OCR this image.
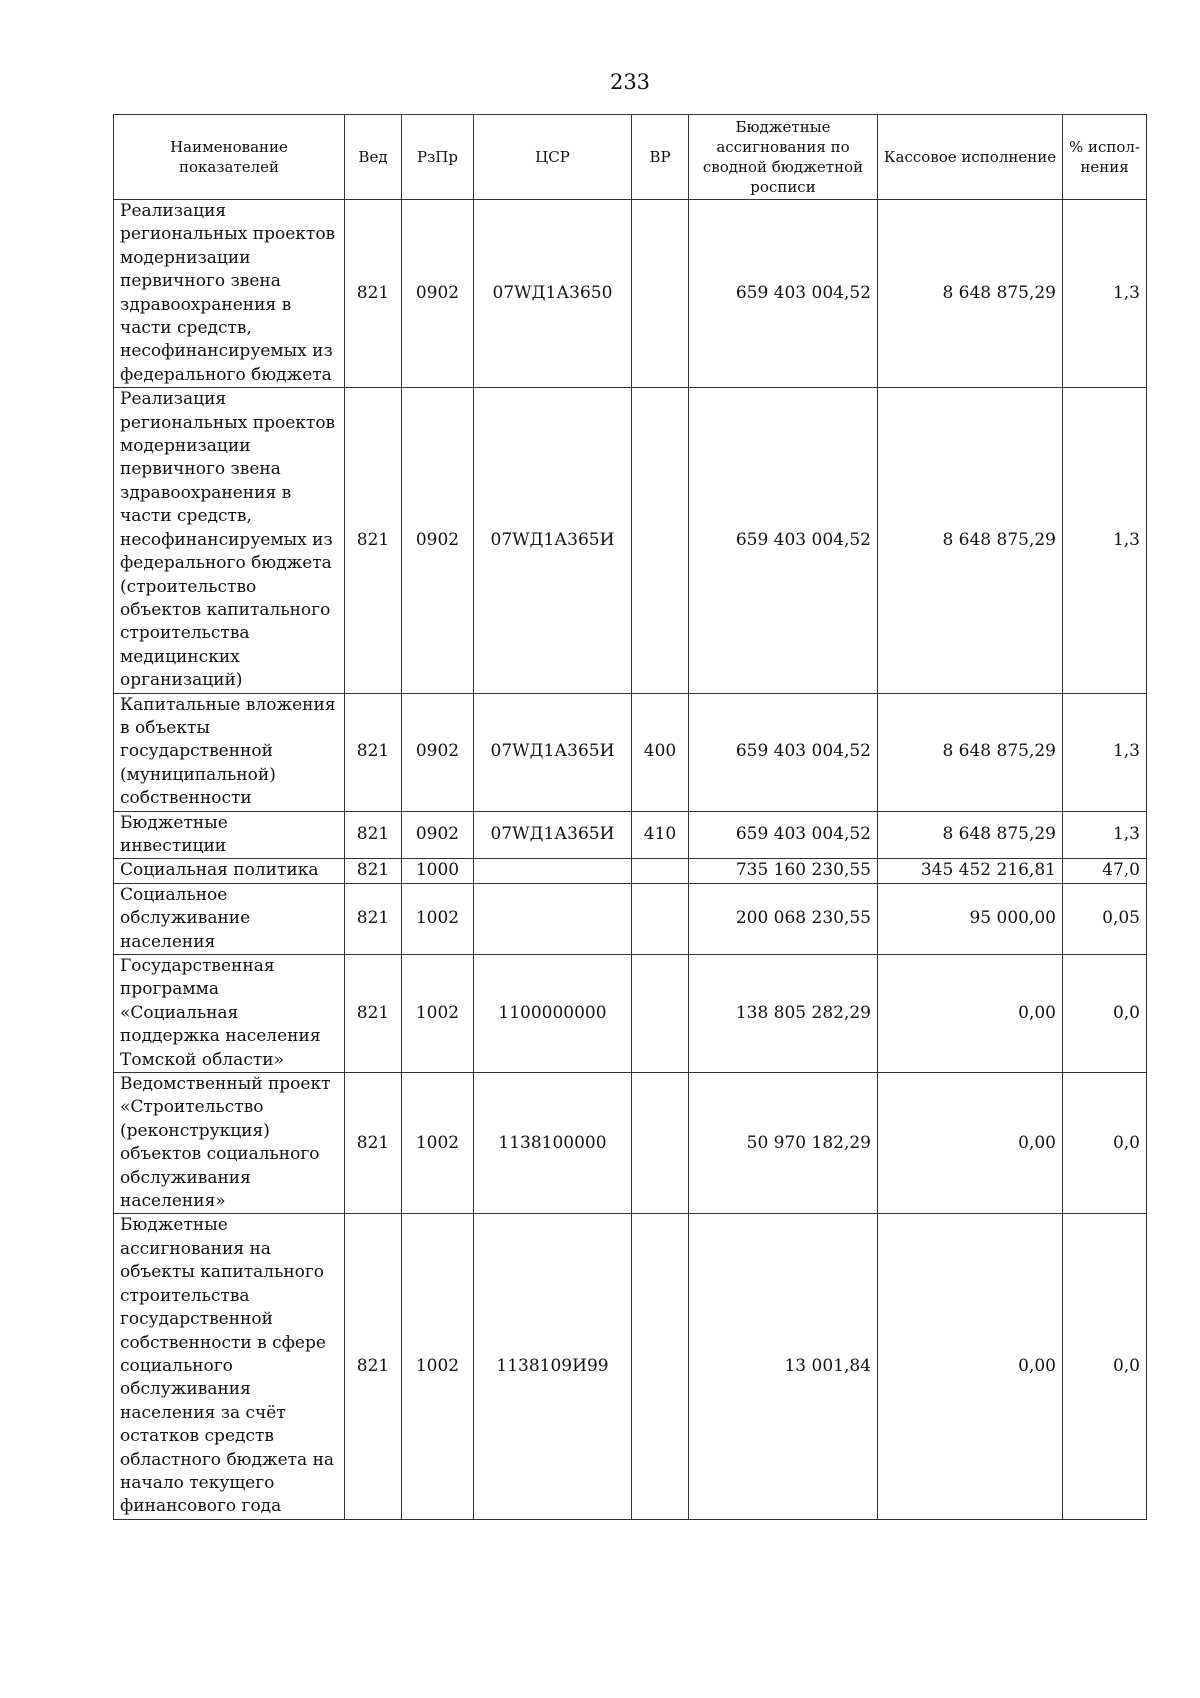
233
Наименование показателей	Вед	РзПр	ЦСР	ВР	Бюджетные ассигнования по сводной бюджетной росписи	Кассовое исполнение	% испол-нения
Реализация региональных проектов модернизации первичного звена здравоохранения в части средств, несофинансируемых из федерального бюджета	821	0902	07WД1А3650		659 403 004,52	8 648 875,29	1,3
Реализация региональных проектов модернизации первичного звена здравоохранения в части средств, несофинансируемых из федерального бюджета (строительство объектов капитального строительства медицинских организаций)	821	0902	07WД1А365И		659 403 004,52	8 648 875,29	1,3
Капитальные вложения в объекты государственной (муниципальной) собственности	821	0902	07WД1А365И	400	659 403 004,52	8 648 875,29	1,3
Бюджетные инвестиции	821	0902	07WД1А365И	410	659 403 004,52	8 648 875,29	1,3
Социальная политика	821	1000			735 160 230,55	345 452 216,81	47,0
Социальное обслуживание населения	821	1002			200 068 230,55	95 000,00	0,05
Государственная программа «Социальная поддержка населения Томской области»	821	1002	1100000000		138 805 282,29	0,00	0,0
Ведомственный проект «Строительство (реконструкция) объектов социального обслуживания населения»	821	1002	1138100000		50 970 182,29	0,00	0,0
Бюджетные ассигнования на объекты капитального строительства государственной собственности в сфере социального обслуживания населения за счёт остатков средств областного бюджета на начало текущего финансового года	821	1002	1138109И99		13 001,84	0,00	0,0
